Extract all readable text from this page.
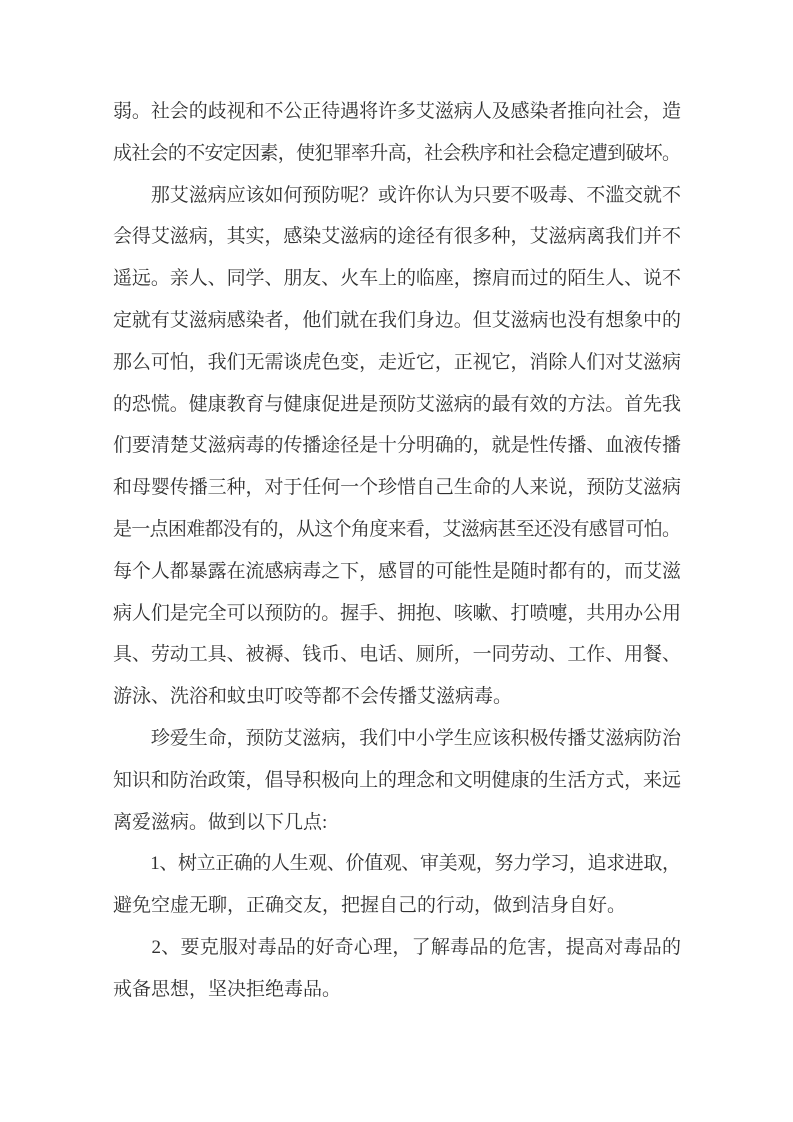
弱。社会的歧视和不公正待遇将许多艾滋病人及感染者推向社会，造
成社会的不安定因素，使犯罪率升高，社会秩序和社会稳定遭到破坏。
　　那艾滋病应该如何预防呢？或许你认为只要不吸毒、不滥交就不
会得艾滋病，其实，感染艾滋病的途径有很多种，艾滋病离我们并不
遥远。亲人、同学、朋友、火车上的临座，擦肩而过的陌生人、说不
定就有艾滋病感染者，他们就在我们身边。但艾滋病也没有想象中的
那么可怕，我们无需谈虎色变，走近它，正视它，消除人们对艾滋病
的恐慌。健康教育与健康促进是预防艾滋病的最有效的方法。首先我
们要清楚艾滋病毒的传播途径是十分明确的，就是性传播、血液传播
和母婴传播三种，对于任何一个珍惜自己生命的人来说，预防艾滋病
是一点困难都没有的，从这个角度来看，艾滋病甚至还没有感冒可怕。
每个人都暴露在流感病毒之下，感冒的可能性是随时都有的，而艾滋
病人们是完全可以预防的。握手、拥抱、咳嗽、打喷嚏，共用办公用
具、劳动工具、被褥、钱币、电话、厕所，一同劳动、工作、用餐、
游泳、洗浴和蚊虫叮咬等都不会传播艾滋病毒。
　　珍爱生命，预防艾滋病，我们中小学生应该积极传播艾滋病防治
知识和防治政策，倡导积极向上的理念和文明健康的生活方式，来远
离爱滋病。做到以下几点:
　　1、树立正确的人生观、价值观、审美观，努力学习，追求进取，
避免空虚无聊，正确交友，把握自己的行动，做到洁身自好。
　　2、要克服对毒品的好奇心理，了解毒品的危害，提高对毒品的
戒备思想，坚决拒绝毒品。
